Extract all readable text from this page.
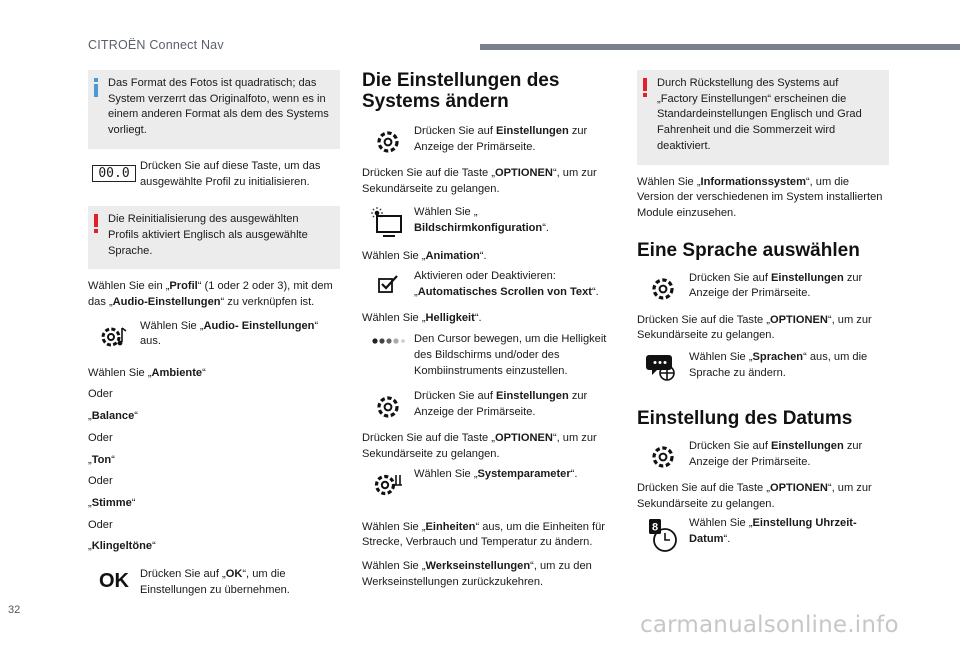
CITROËN Connect Nav

Das Format des Fotos ist quadratisch; das System verzerrt das Originalfoto, wenn es in einem anderen Format als dem des Systems vorliegt.

00.0 Drücken Sie auf diese Taste, um das ausgewählte Profil zu initialisieren.

Die Reinitialisierung des ausgewählten Profils aktiviert Englisch als ausgewählte Sprache.

Wählen Sie ein „Profil“ (1 oder 2 oder 3), mit dem das „Audio-Einstellungen“ zu verknüpfen ist.

Wählen Sie „Audio- Einstellungen“ aus.

Wählen Sie „Ambiente“

Oder

„Balance“

Oder

„Ton“

Oder

„Stimme“

Oder

„Klingeltöne“

OK Drücken Sie auf „OK“, um die Einstellungen zu übernehmen.

Die Einstellungen des Systems ändern

Drücken Sie auf Einstellungen zur Anzeige der Primärseite.

Drücken Sie auf die Taste „OPTIONEN“, um zur Sekundärseite zu gelangen.

Wählen Sie „
Bildschirmkonfiguration“.

Wählen Sie „Animation“.

Aktivieren oder Deaktivieren: „Automatisches Scrollen von Text“.

Wählen Sie „Helligkeit“.

Den Cursor bewegen, um die Helligkeit des Bildschirms und/oder des Kombiinstruments einzustellen.

Drücken Sie auf Einstellungen zur Anzeige der Primärseite.

Drücken Sie auf die Taste „OPTIONEN“, um zur Sekundärseite zu gelangen.

Wählen Sie „Systemparameter“.

Wählen Sie „Einheiten“ aus, um die Einheiten für Strecke, Verbrauch und Temperatur zu ändern.

Wählen Sie „Werkseinstellungen“, um zu den Werkseinstellungen zurückzukehren.

Durch Rückstellung des Systems auf „Factory Einstellungen“ erscheinen die Standardeinstellungen Englisch und Grad Fahrenheit und die Sommerzeit wird deaktiviert.

Wählen Sie „Informationssystem“, um die Version der verschiedenen im System installierten Module einzusehen.

Eine Sprache auswählen

Drücken Sie auf Einstellungen zur Anzeige der Primärseite.

Drücken Sie auf die Taste „OPTIONEN“, um zur Sekundärseite zu gelangen.

Wählen Sie „Sprachen“ aus, um die Sprache zu ändern.

Einstellung des Datums

Drücken Sie auf Einstellungen zur Anzeige der Primärseite.

Drücken Sie auf die Taste „OPTIONEN“, um zur Sekundärseite zu gelangen.

8	Wählen Sie „Einstellung Uhrzeit-Datum“.

32
carmanualsonline.info
